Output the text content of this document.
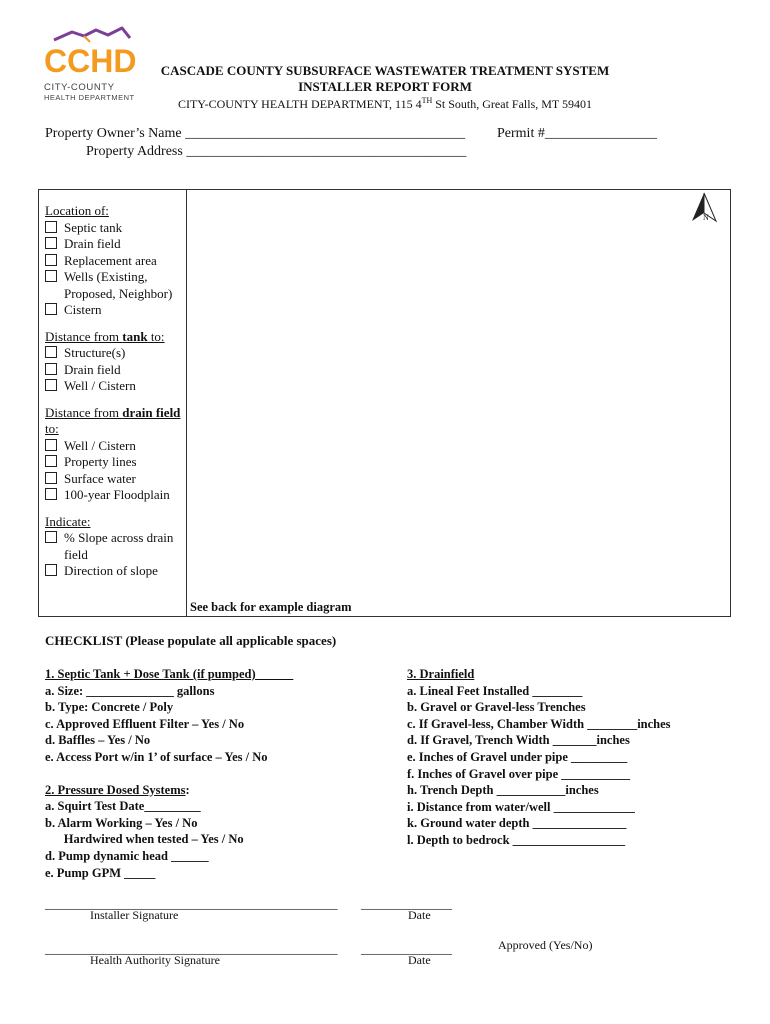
CCHD
CITY-COUNTY
HEALTH DEPARTMENT
CASCADE COUNTY SUBSURFACE WASTEWATER TREATMENT SYSTEM
INSTALLER REPORT FORM
CITY-COUNTY HEALTH DEPARTMENT, 115 4TH St South, Great Falls, MT 59401
Property Owner’s Name ________________________________________ Permit #________________
Property Address ________________________________________
Location of:
Septic tank
Drain field
Replacement area
Wells (Existing, Proposed, Neighbor)
Cistern
Distance from tank to:
Structure(s)
Drain field
Well / Cistern
Distance from drain field to:
Well / Cistern
Property lines
Surface water
100-year Floodplain
Indicate:
% Slope across drain field
Direction of slope
N
See back for example diagram
CHECKLIST (Please populate all applicable spaces)
1. Septic Tank + Dose Tank (if pumped)______
a. Size: ______________ gallons
b. Type: Concrete / Poly
c. Approved Effluent Filter – Yes / No
d. Baffles – Yes / No
e. Access Port w/in 1’ of surface – Yes / No
2. Pressure Dosed Systems:
a. Squirt Test Date_________
b. Alarm Working – Yes / No
Hardwired when tested – Yes / No
d. Pump dynamic head ______
e. Pump GPM _____
3. Drainfield
a. Lineal Feet Installed ________
b. Gravel or Gravel-less Trenches
c. If Gravel-less, Chamber Width ________inches
d. If Gravel, Trench Width _______inches
e. Inches of Gravel under pipe _________
f. Inches of Gravel over pipe ___________
h. Trench Depth ___________inches
i. Distance from water/well _____________
k. Ground water depth _______________
l. Depth to bedrock __________________
_____________________________________________
Installer Signature
______________
Date
_____________________________________________
Health Authority Signature
______________
Date
Approved (Yes/No)
